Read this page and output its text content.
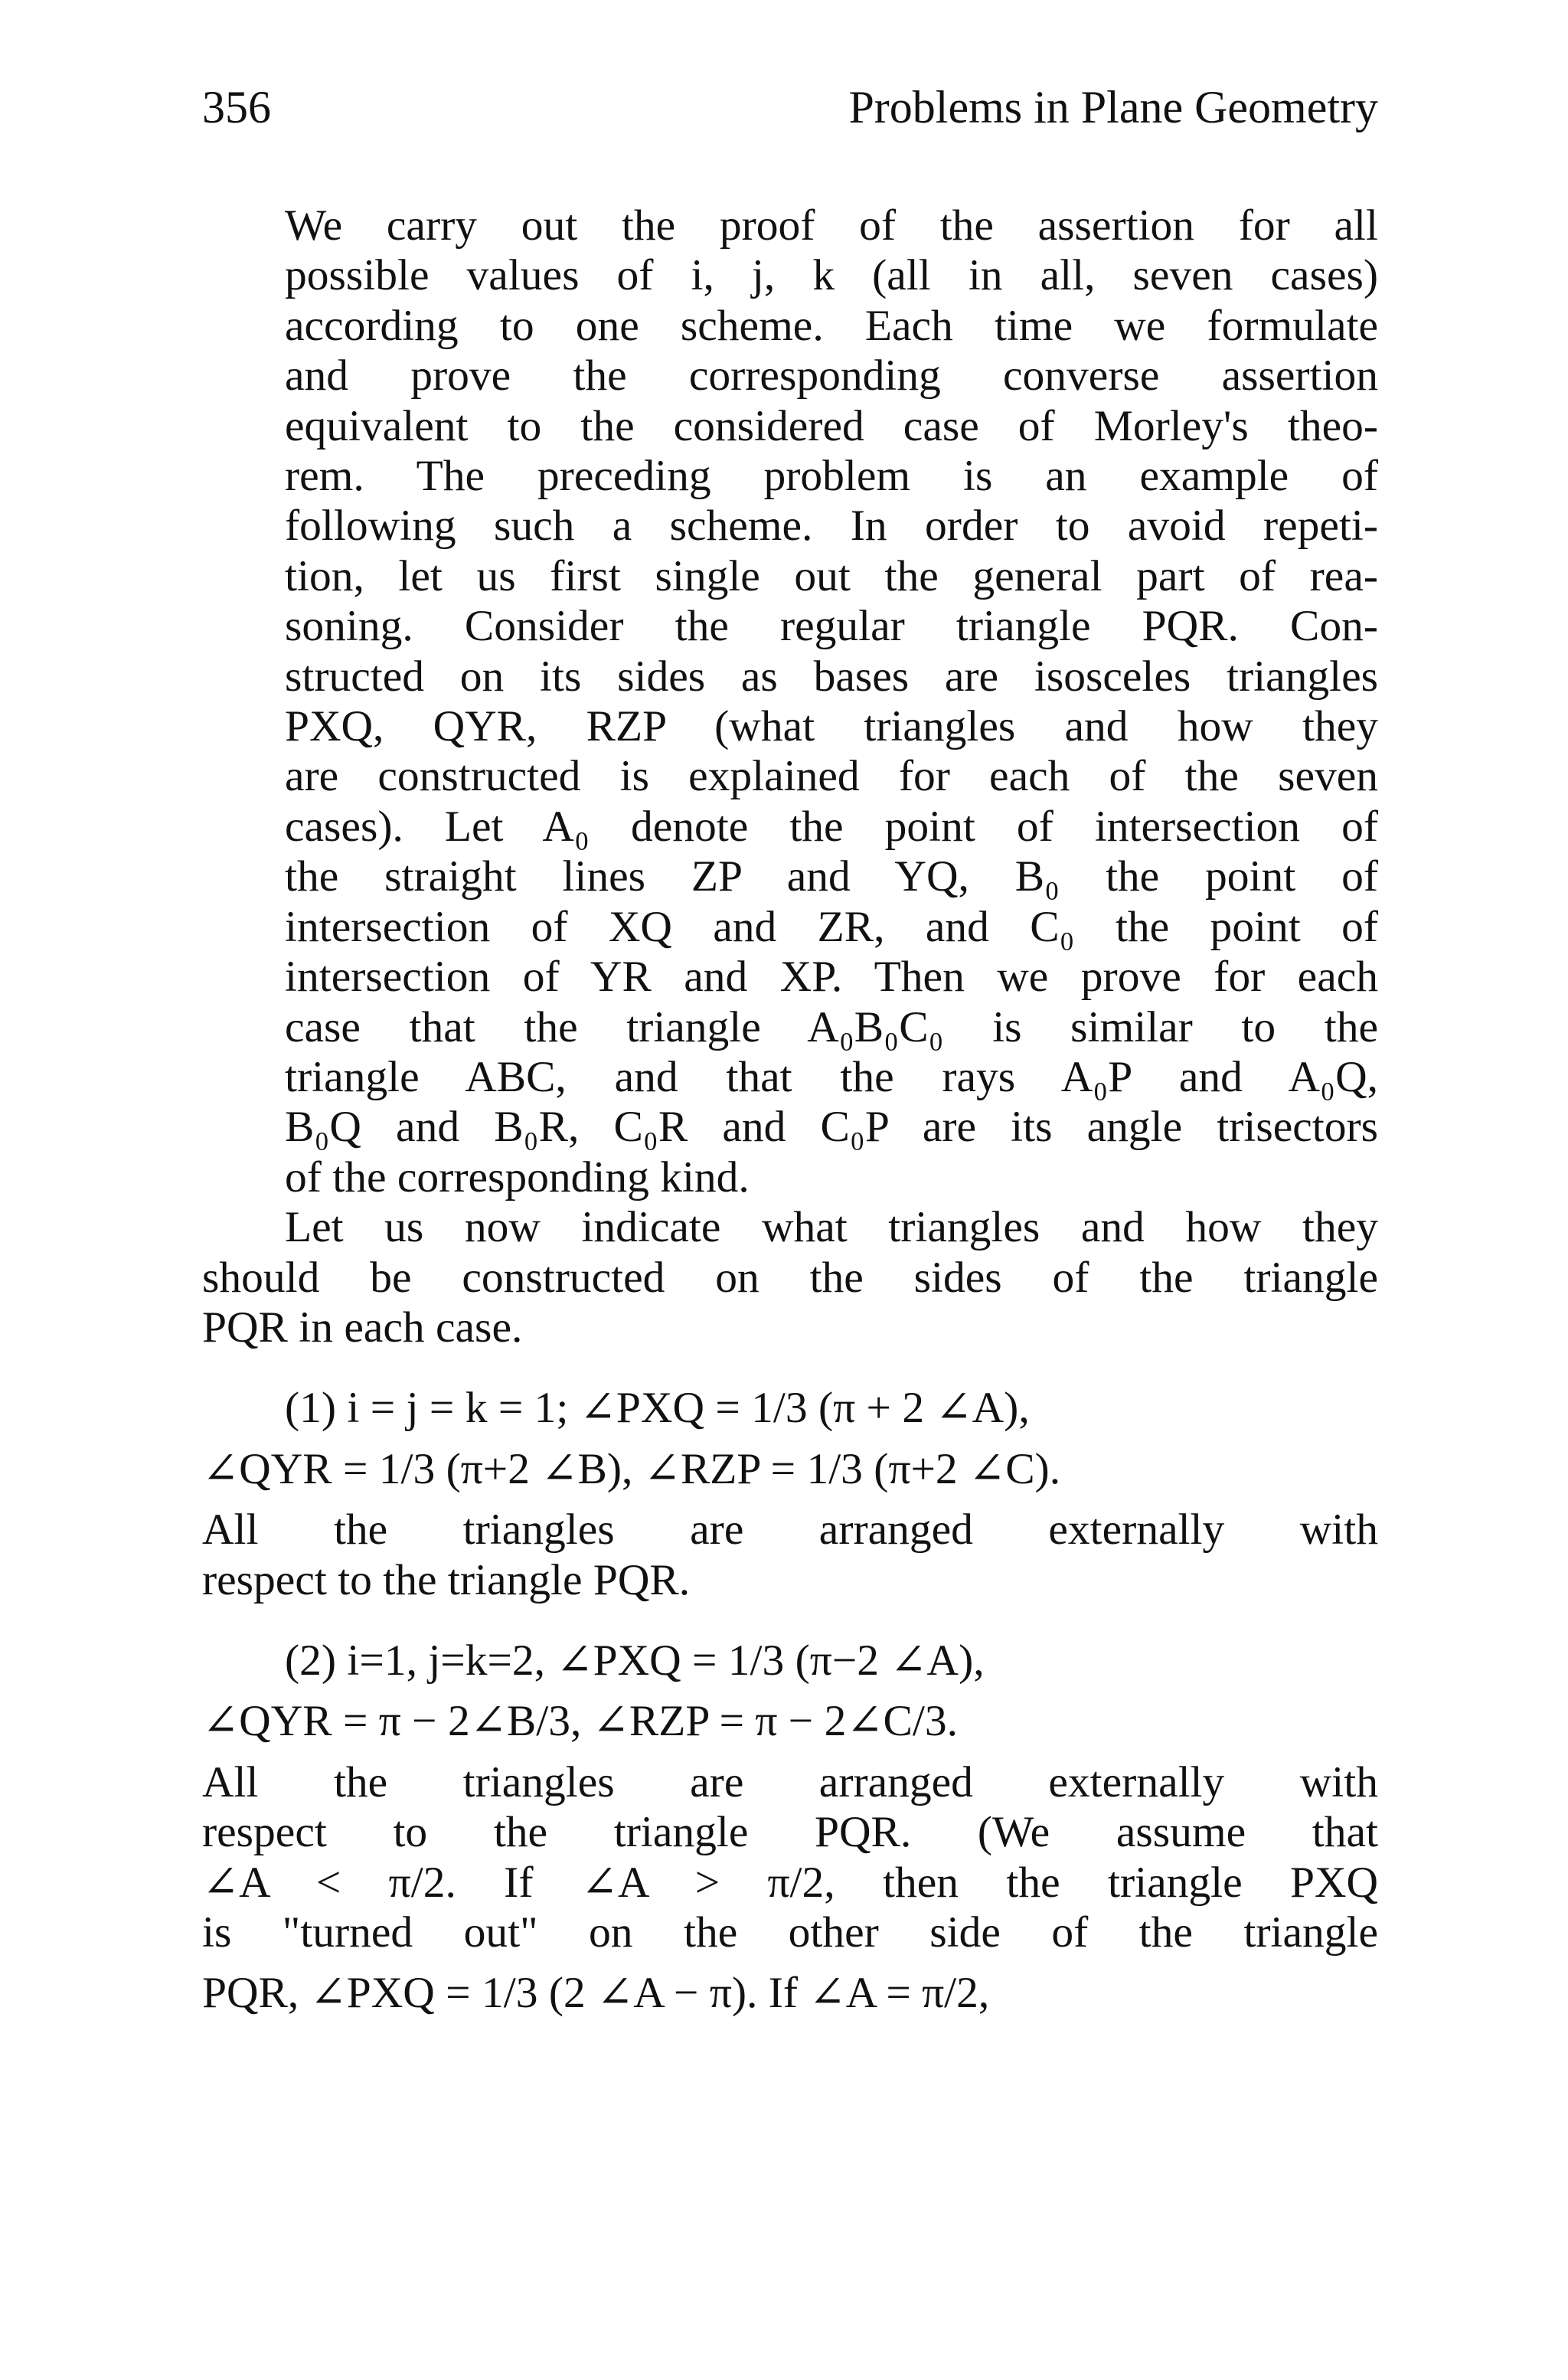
356	Problems in Plane Geometry
We carry out the proof of the assertion for all
possible values of i, j, k (all in all, seven cases)
according to one scheme. Each time we formulate
and prove the corresponding converse assertion
equivalent to the considered case of Morley's theo-
rem. The preceding problem is an example of
following such a scheme. In order to avoid repeti-
tion, let us first single out the general part of rea-
soning. Consider the regular triangle PQR. Con-
structed on its sides as bases are isosceles triangles
PXQ, QYR, RZP (what triangles and how they
are constructed is explained for each of the seven
cases). Let A₀ denote the point of intersection of
the straight lines ZP and YQ, B₀ the point of
intersection of XQ and ZR, and C₀ the point of
intersection of YR and XP. Then we prove for each
case that the triangle A₀B₀C₀ is similar to the
triangle ABC, and that the rays A₀P and A₀Q,
B₀Q and B₀R, C₀R and C₀P are its angle trisectors
of the corresponding kind.
Let us now indicate what triangles and how they
should be constructed on the sides of the triangle
PQR in each case.
(1) i = j = k = 1; ∠PXQ = 1/3 (π + 2 ∠A),
∠QYR = 1/3 (π+2 ∠B), ∠RZP = 1/3 (π+2 ∠C).
All the triangles are arranged externally with
respect to the triangle PQR.
(2) i=1, j=k=2, ∠PXQ = 1/3 (π−2 ∠A),
∠QYR = π − 2∠B/3, ∠RZP = π − 2∠C/3.
All the triangles are arranged externally with
respect to the triangle PQR. (We assume that
∠A < π/2. If ∠A > π/2, then the triangle PXQ
is "turned out" on the other side of the triangle
PQR, ∠PXQ = 1/3 (2 ∠A − π). If ∠A = π/2,
